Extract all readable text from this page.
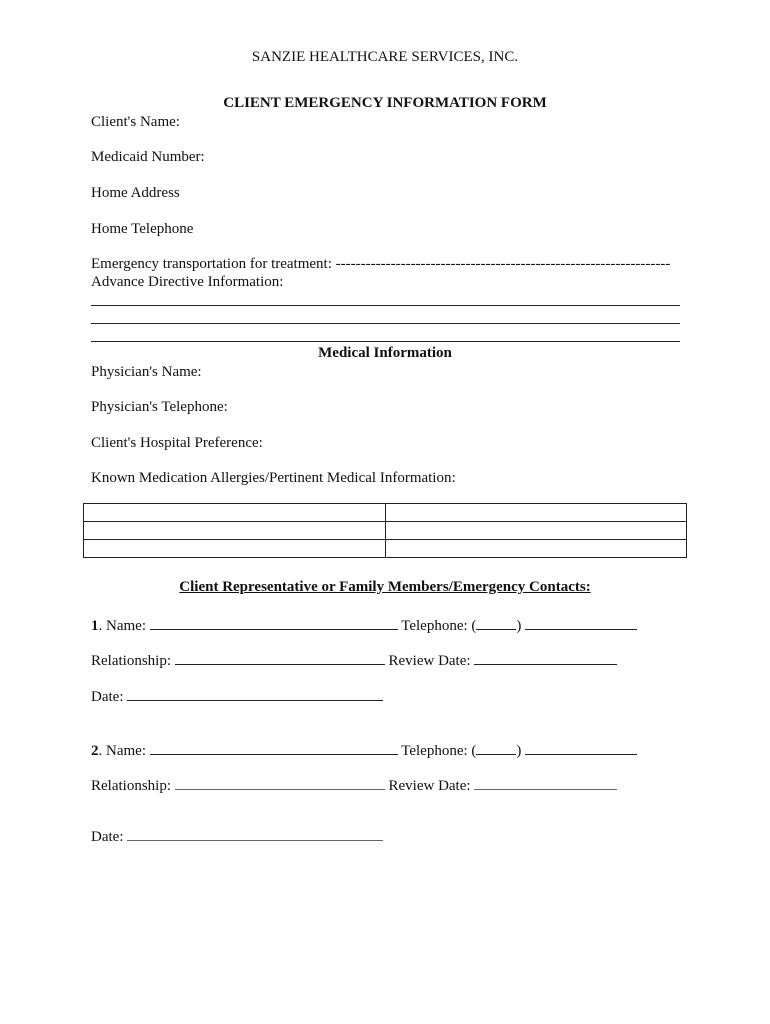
SANZIE HEALTHCARE SERVICES, INC.
CLIENT EMERGENCY INFORMATION FORM
Client's Name:
Medicaid Number:
Home Address
Home Telephone
Emergency transportation for treatment: -------------------------------------------------------------------
Advance Directive Information:
Medical Information
Physician's Name:
Physician's Telephone:
Client's Hospital Preference:
Known Medication Allergies/Pertinent Medical Information:

Client Representative or Family Members/Emergency Contacts:
1. Name:	Telephone: (	)
Relationship:	Review Date:
Date:
2. Name:	Telephone: (	)
Relationship:	Review Date:
Date:
